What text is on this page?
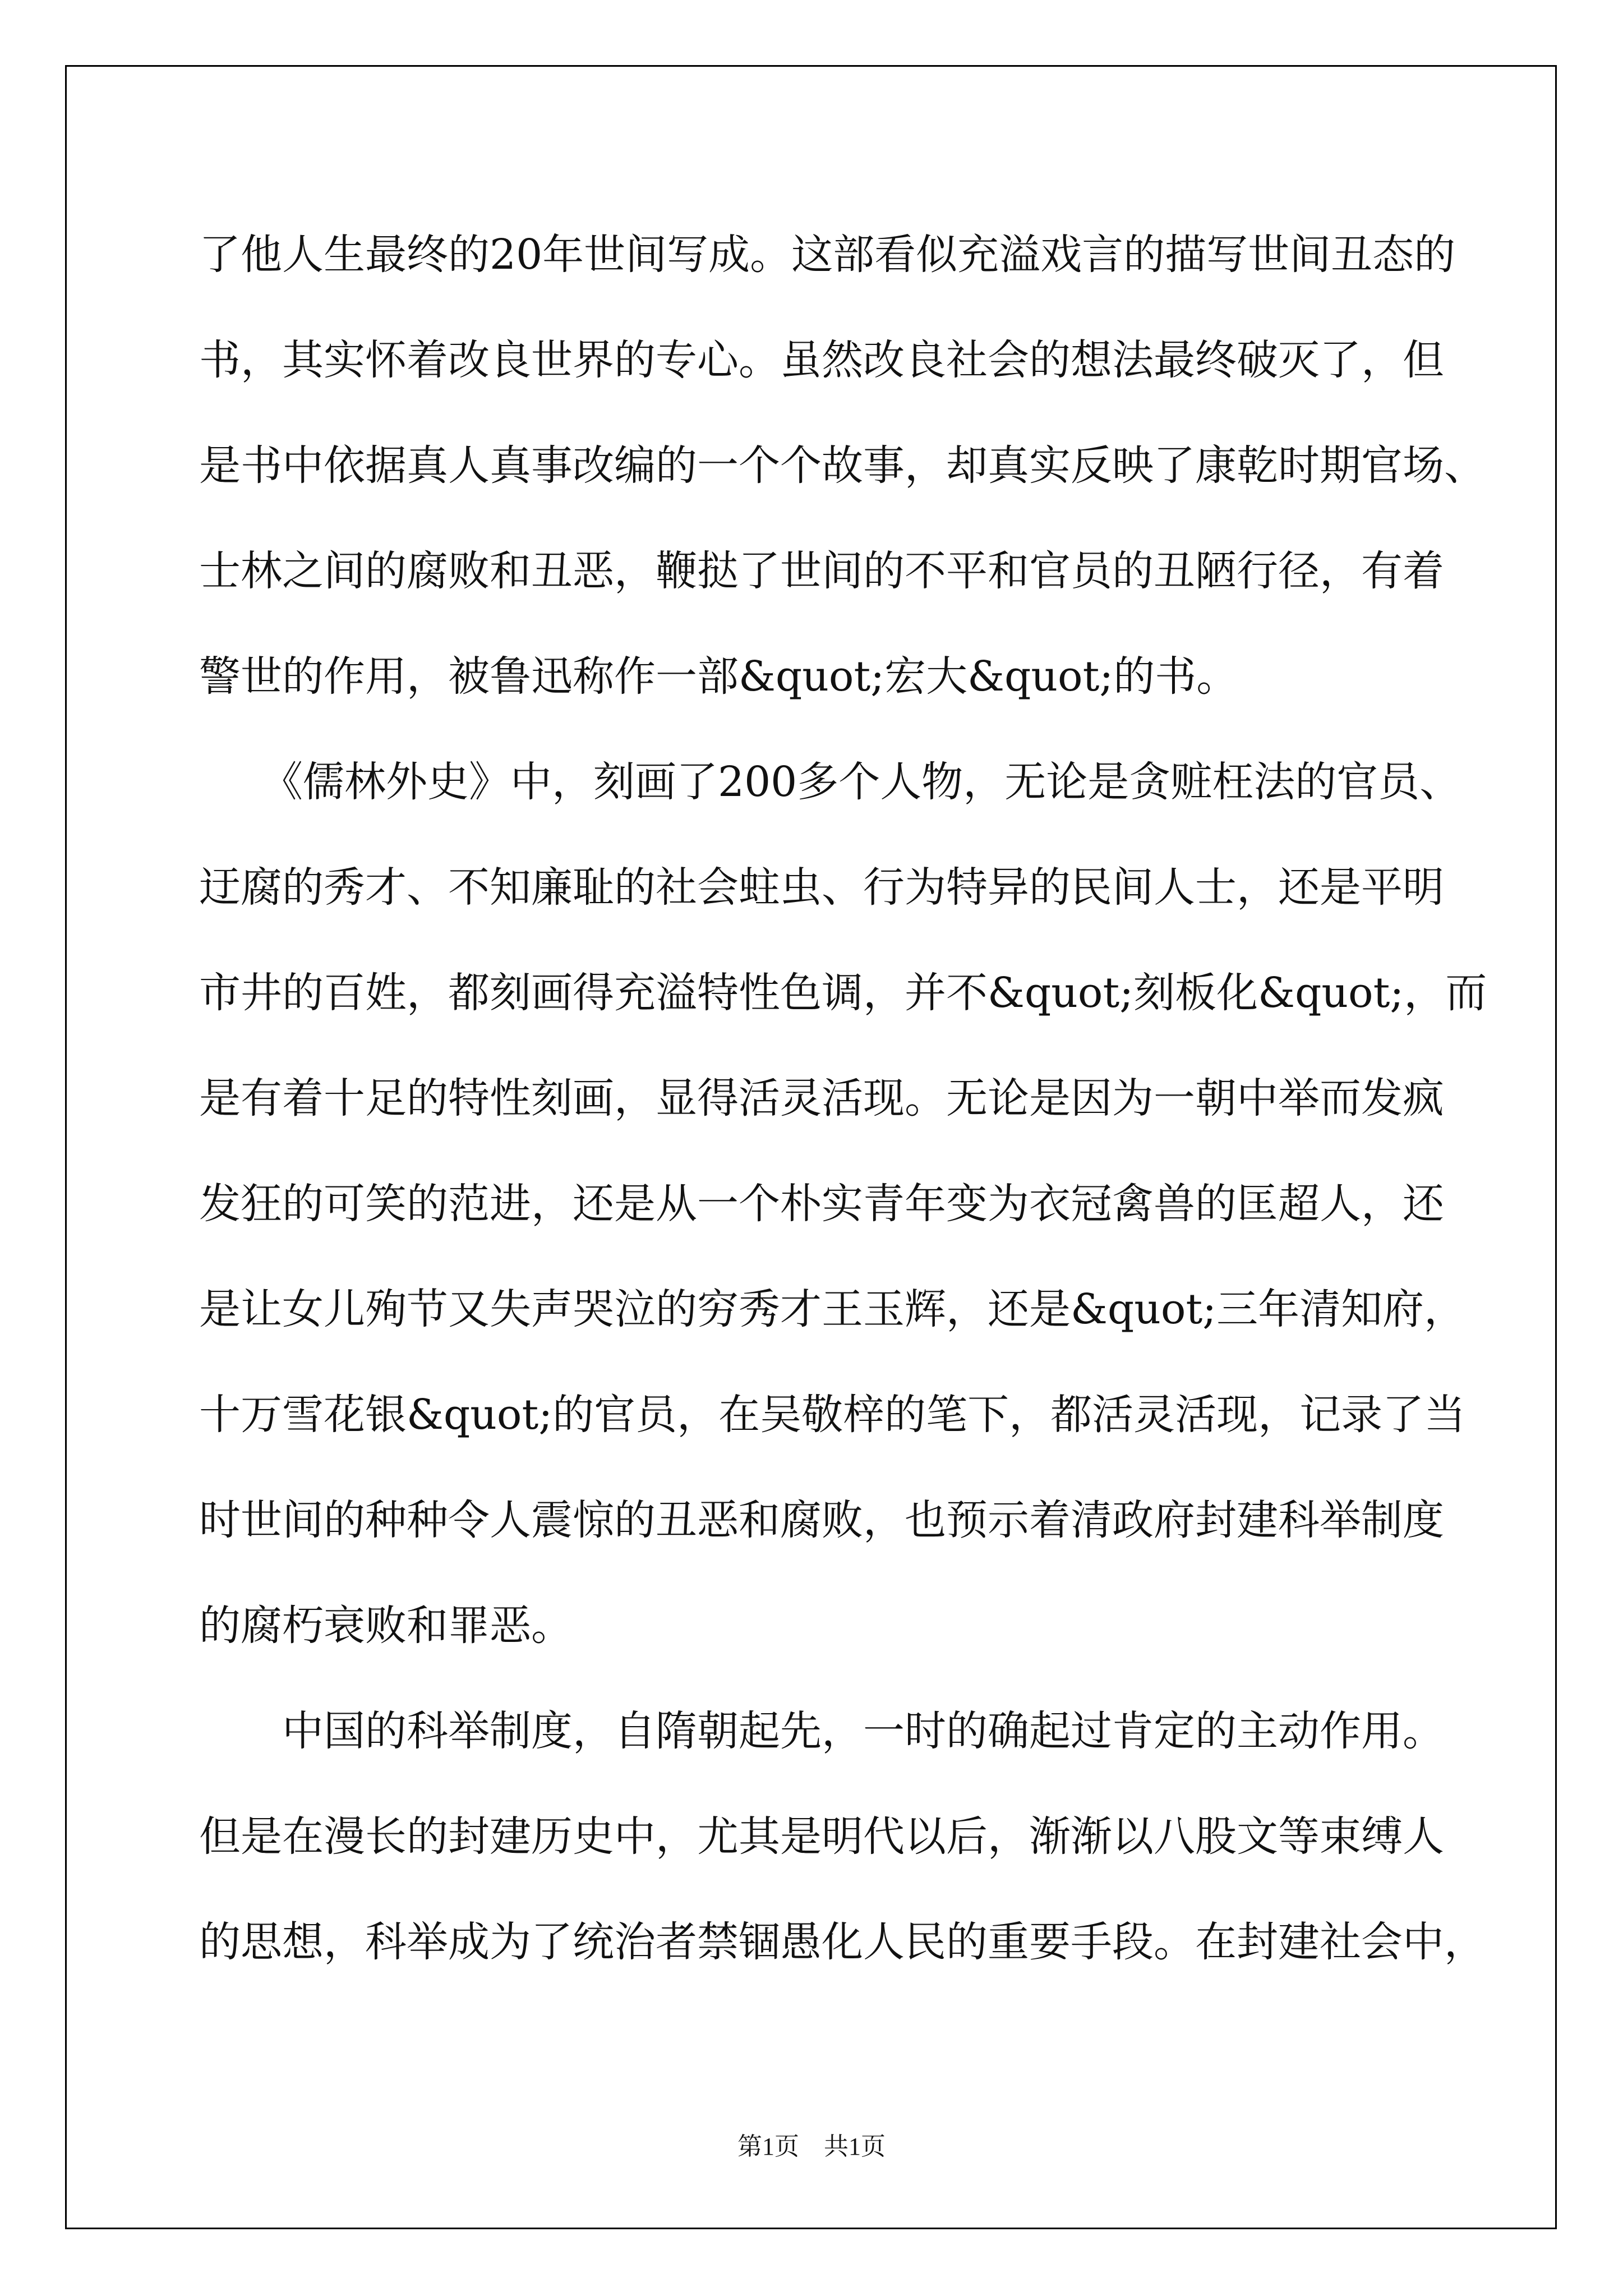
了他人生最终的20年世间写成。这部看似充溢戏言的描写世间丑态的
书，其实怀着改良世界的专心。虽然改良社会的想法最终破灭了，但
是书中依据真人真事改编的一个个故事，却真实反映了康乾时期官场、
士林之间的腐败和丑恶，鞭挞了世间的不平和官员的丑陋行径，有着
警世的作用，被鲁迅称作一部&quot;宏大&quot;的书。
　　《儒林外史》中，刻画了200多个人物，无论是贪赃枉法的官员、
迂腐的秀才、不知廉耻的社会蛀虫、行为特异的民间人士，还是平明
市井的百姓，都刻画得充溢特性色调，并不&quot;刻板化&quot;，而
是有着十足的特性刻画，显得活灵活现。无论是因为一朝中举而发疯
发狂的可笑的范进，还是从一个朴实青年变为衣冠禽兽的匡超人，还
是让女儿殉节又失声哭泣的穷秀才王玉辉，还是&quot;三年清知府，
十万雪花银&quot;的官员，在吴敬梓的笔下，都活灵活现，记录了当
时世间的种种令人震惊的丑恶和腐败，也预示着清政府封建科举制度
的腐朽衰败和罪恶。
　　中国的科举制度，自隋朝起先，一时的确起过肯定的主动作用。
但是在漫长的封建历史中，尤其是明代以后，渐渐以八股文等束缚人
的思想，科举成为了统治者禁锢愚化人民的重要手段。在封建社会中，
第1页　共1页
